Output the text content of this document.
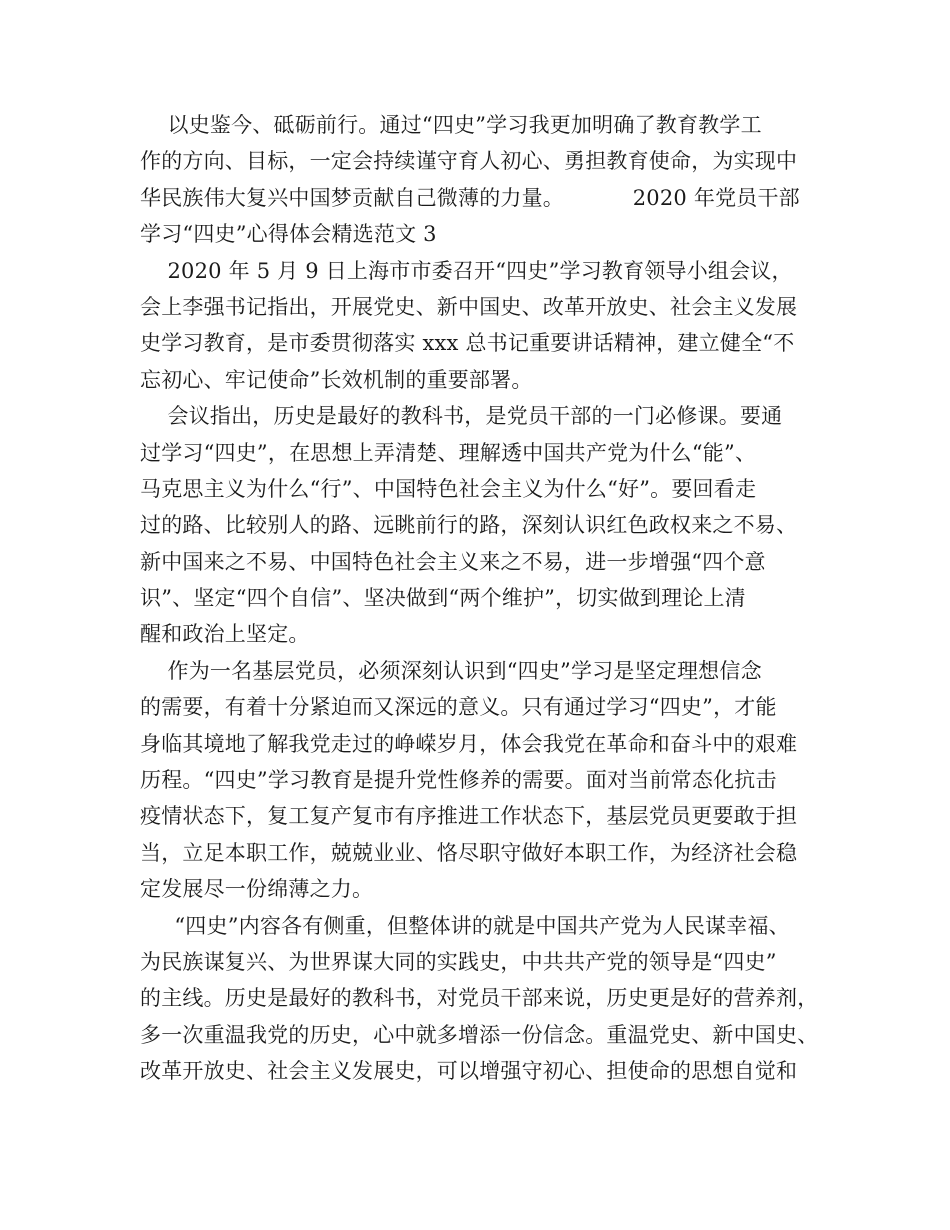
以史鉴今、砥砺前行。通过“四史”学习我更加明确了教育教学工
作的方向、目标，一定会持续谨守育人初心、勇担教育使命，为实现中
华民族伟大复兴中国梦贡献自己微薄的力量。          2020 年党员干部
学习“四史”心得体会精选范文 3
2020 年 5 月 9 日上海市市委召开“四史”学习教育领导小组会议，
会上李强书记指出，开展党史、新中国史、改革开放史、社会主义发展
史学习教育，是市委贯彻落实 xxx 总书记重要讲话精神，建立健全“不
忘初心、牢记使命”长效机制的重要部署。
会议指出，历史是最好的教科书，是党员干部的一门必修课。要通
过学习“四史”，在思想上弄清楚、理解透中国共产党为什么“能”、
马克思主义为什么“行”、中国特色社会主义为什么“好”。要回看走
过的路、比较别人的路、远眺前行的路，深刻认识红色政权来之不易、
新中国来之不易、中国特色社会主义来之不易，进一步增强“四个意
识”、坚定“四个自信”、坚决做到“两个维护”，切实做到理论上清
醒和政治上坚定。
作为一名基层党员，必须深刻认识到“四史”学习是坚定理想信念
的需要，有着十分紧迫而又深远的意义。只有通过学习“四史”，才能
身临其境地了解我党走过的峥嵘岁月，体会我党在革命和奋斗中的艰难
历程。“四史”学习教育是提升党性修养的需要。面对当前常态化抗击
疫情状态下，复工复产复市有序推进工作状态下，基层党员更要敢于担
当，立足本职工作，兢兢业业、恪尽职守做好本职工作，为经济社会稳
定发展尽一份绵薄之力。
“四史”内容各有侧重，但整体讲的就是中国共产党为人民谋幸福、
为民族谋复兴、为世界谋大同的实践史，中共共产党的领导是“四史”
的主线。历史是最好的教科书，对党员干部来说，历史更是好的营养剂，
多一次重温我党的历史，心中就多增添一份信念。重温党史、新中国史、
改革开放史、社会主义发展史，可以增强守初心、担使命的思想自觉和
